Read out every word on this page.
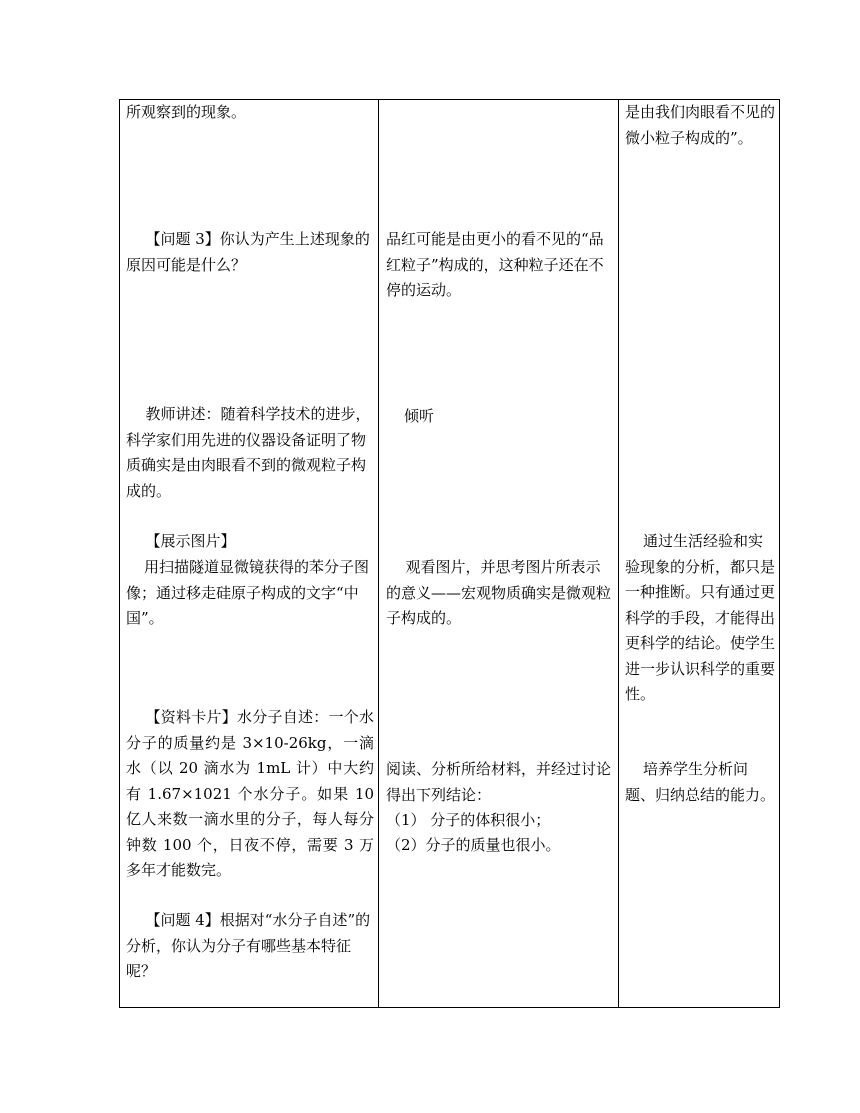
所观察到的现象。

【问题 3】你认为产生上述现象的原因可能是什么？

教师讲述：随着科学技术的进步，科学家们用先进的仪器设备证明了物质确实是由肉眼看不到的微观粒子构成的。

【展示图片】

用扫描隧道显微镜获得的苯分子图像；通过移走硅原子构成的文字“中国”。

【资料卡片】水分子自述：一个水分子的质量约是 3×10-26kg，一滴水（以 20 滴水为 1mL 计）中大约有 1.67×1021 个水分子。如果 10 亿人来数一滴水里的分子，每人每分钟数 100 个，日夜不停，需要 3 万多年才能数完。

【问题 4】根据对“水分子自述”的分析，你认为分子有哪些基本特征呢？

品红可能是由更小的看不见的“品红粒子”构成的，这种粒子还在不停的运动。

倾听

观看图片，并思考图片所表示的意义——宏观物质确实是微观粒子构成的。

阅读、分析所给材料，并经过讨论得出下列结论：

（1） 分子的体积很小；

（2）分子的质量也很小。

是由我们肉眼看不见的微小粒子构成的”。

通过生活经验和实验现象的分析，都只是一种推断。只有通过更科学的手段，才能得出更科学的结论。使学生进一步认识科学的重要性。

培养学生分析问题、归纳总结的能力。
